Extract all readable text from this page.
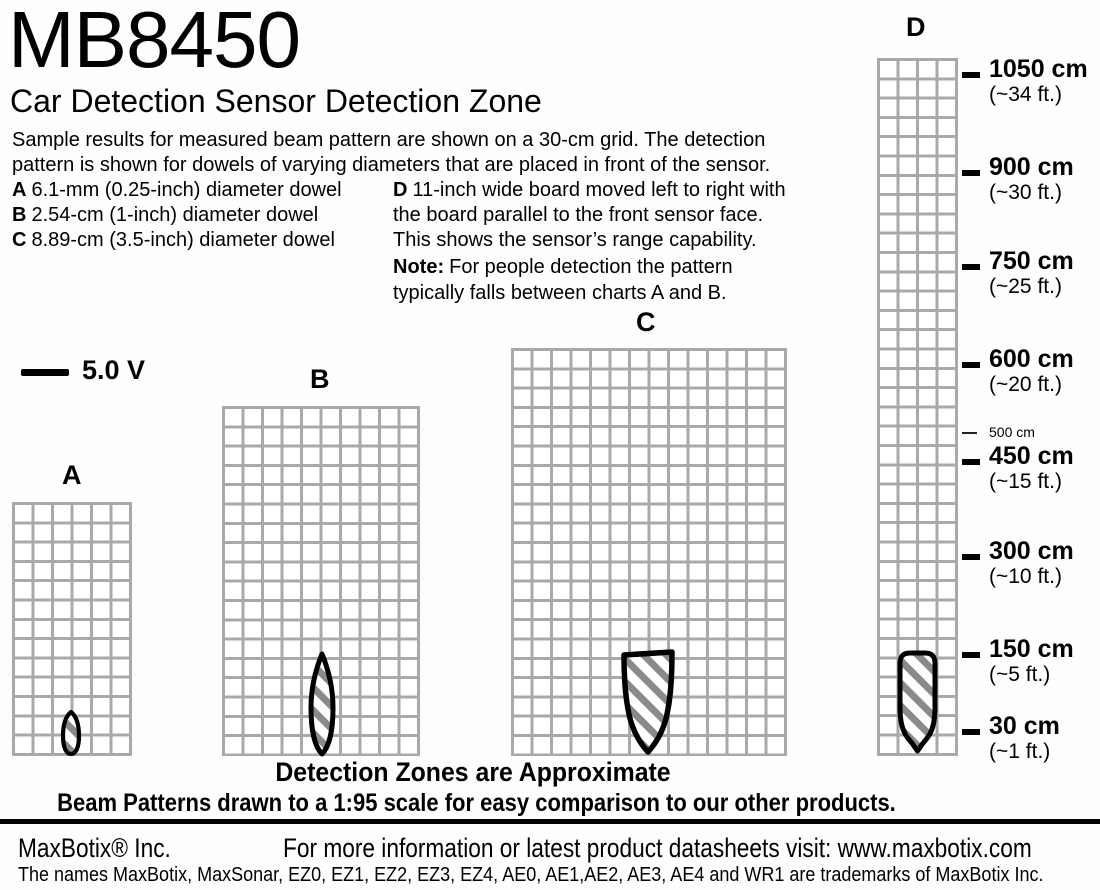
MB8450
Car Detection Sensor Detection Zone
Sample results for measured beam pattern are shown on a 30-cm grid. The detection
pattern is shown for dowels of varying diameters that are placed in front of the sensor.
A 6.1-mm (0.25-inch) diameter dowel
B 2.54-cm (1-inch) diameter dowel
C 8.89-cm (3.5-inch) diameter dowel
D 11-inch wide board moved left to right with
the board parallel to the front sensor face.
This shows the sensor’s range capability.
Note: For people detection the pattern
typically falls between charts A and B.
5.0 V
A
B
C
D
1050 cm
(~34 ft.)
900 cm
(~30 ft.)
750 cm
(~25 ft.)
600 cm
(~20 ft.)
500 cm
450 cm
(~15 ft.)
300 cm
(~10 ft.)
150 cm
(~5 ft.)
30 cm
(~1 ft.)
Detection Zones are Approximate
Beam Patterns drawn to a 1:95 scale for easy comparison to our other products.
MaxBotix® Inc.	For more information or latest product datasheets visit: www.maxbotix.com
The names MaxBotix, MaxSonar, EZ0, EZ1, EZ2, EZ3, EZ4, AE0, AE1,AE2, AE3, AE4 and WR1 are trademarks of MaxBotix Inc.
